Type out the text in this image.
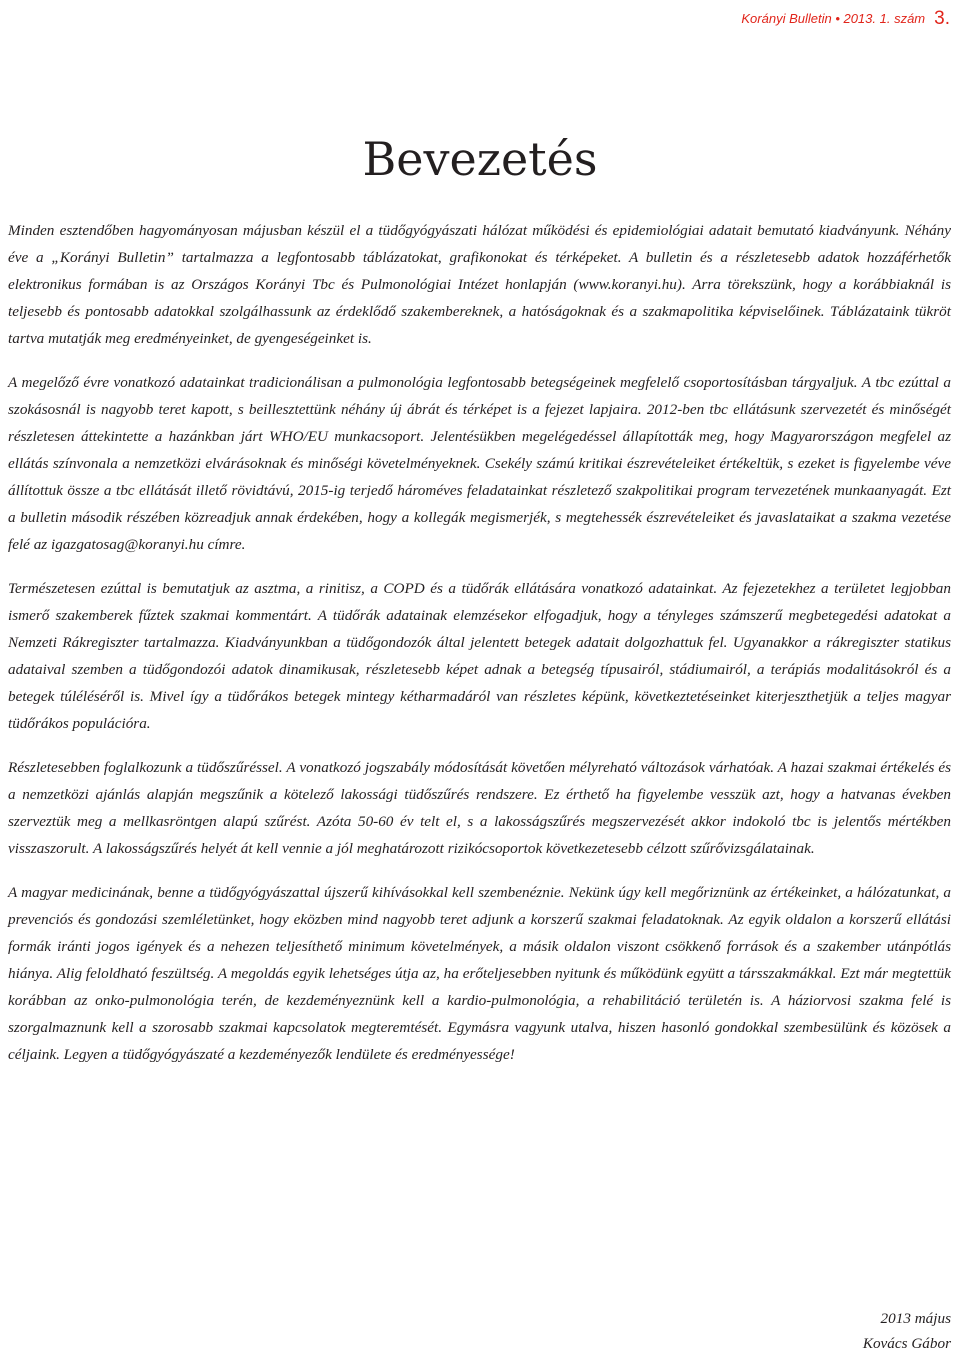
Korányi Bulletin • 2013. 1. szám 3.
Bevezetés

Minden esztendőben hagyományosan májusban készül el a tüdőgyógyászati hálózat működési és epidemiológiai adatait bemutató kiadványunk. Néhány éve a „Korányi Bulletin” tartalmazza a legfontosabb táblázatokat, grafikonokat és térképeket. A bulletin és a részletesebb adatok hozzáférhetők elektronikus formában is az Országos Korányi Tbc és Pulmonológiai Intézet honlapján (www.koranyi.hu). Arra törekszünk, hogy a korábbiaknál is teljesebb és pontosabb adatokkal szolgálhassunk az érdeklődő szakembereknek, a hatóságoknak és a szakmapolitika képviselőinek. Táblázataink tükröt tartva mutatják meg eredményeinket, de gyengeségeinket is.

A megelőző évre vonatkozó adatainkat tradicionálisan a pulmonológia legfontosabb betegségeinek megfelelő csoportosításban tárgyaljuk. A tbc ezúttal a szokásosnál is nagyobb teret kapott, s beillesztettünk néhány új ábrát és térképet is a fejezet lapjaira. 2012-ben tbc ellátásunk szervezetét és minőségét részletesen áttekintette a hazánkban járt WHO/EU munkacsoport. Jelentésükben megelégedéssel állapították meg, hogy Magyarországon megfelel az ellátás színvonala a nemzetközi elvárásoknak és minőségi követelményeknek. Csekély számú kritikai észrevételeiket értékeltük, s ezeket is figyelembe véve állítottuk össze a tbc ellátását illető rövidtávú, 2015-ig terjedő hároméves feladatainkat részletező szakpolitikai program tervezetének munkaanyagát. Ezt a bulletin második részében közreadjuk annak érdekében, hogy a kollegák megismerjék, s megtehessék észrevételeiket és javaslataikat a szakma vezetése felé az igazgatosag@koranyi.hu címre.

Természetesen ezúttal is bemutatjuk az asztma, a rinitisz, a COPD és a tüdőrák ellátására vonatkozó adatainkat. Az fejezetekhez a területet legjobban ismerő szakemberek fűztek szakmai kommentárt. A tüdőrák adatainak elemzésekor elfogadjuk, hogy a tényleges számszerű megbetegedési adatokat a Nemzeti Rákregiszter tartalmazza. Kiadványunkban a tüdőgondozók által jelentett betegek adatait dolgozhattuk fel. Ugyanakkor a rákregiszter statikus adataival szemben a tüdőgondozói adatok dinamikusak, részletesebb képet adnak a betegség típusairól, stádiumairól, a terápiás modalitásokról és a betegek túléléséről is. Mivel így a tüdőrákos betegek mintegy kétharmadáról van részletes képünk, következtetéseinket kiterjeszthetjük a teljes magyar tüdőrákos populációra.

Részletesebben foglalkozunk a tüdőszűréssel. A vonatkozó jogszabály módosítását követően mélyreható változások várhatóak. A hazai szakmai értékelés és a nemzetközi ajánlás alapján megszűnik a kötelező lakossági tüdőszűrés rendszere. Ez érthető ha figyelembe vesszük azt, hogy a hatvanas években szerveztük meg a mellkasröntgen alapú szűrést. Azóta 50-60 év telt el, s a lakosságszűrés megszervezését akkor indokoló tbc is jelentős mértékben visszaszorult. A lakosságszűrés helyét át kell vennie a jól meghatározott rizikócsoportok következetesebb célzott szűrővizsgálatainak.

A magyar medicinának, benne a tüdőgyógyászattal újszerű kihívásokkal kell szembenéznie. Nekünk úgy kell megőriznünk az értékeinket, a hálózatunkat, a prevenciós és gondozási szemléletünket, hogy eközben mind nagyobb teret adjunk a korszerű szakmai feladatoknak. Az egyik oldalon a korszerű ellátási formák iránti jogos igények és a nehezen teljesíthető minimum követelmények, a másik oldalon viszont csökkenő források és a szakember utánpótlás hiánya. Alig feloldható feszültség. A megoldás egyik lehetséges útja az, ha erőteljesebben nyitunk és működünk együtt a társszakmákkal. Ezt már megtettük korábban az onko-pulmonológia terén, de kezdeményeznünk kell a kardio-pulmonológia, a rehabilitáció területén is. A háziorvosi szakma felé is szorgalmaznunk kell a szorosabb szakmai kapcsolatok megteremtését. Egymásra vagyunk utalva, hiszen hasonló gondokkal szembesülünk és közösek a céljaink. Legyen a tüdőgyógyászaté a kezdeményezők lendülete és eredményessége!

2013 május
Kovács Gábor
